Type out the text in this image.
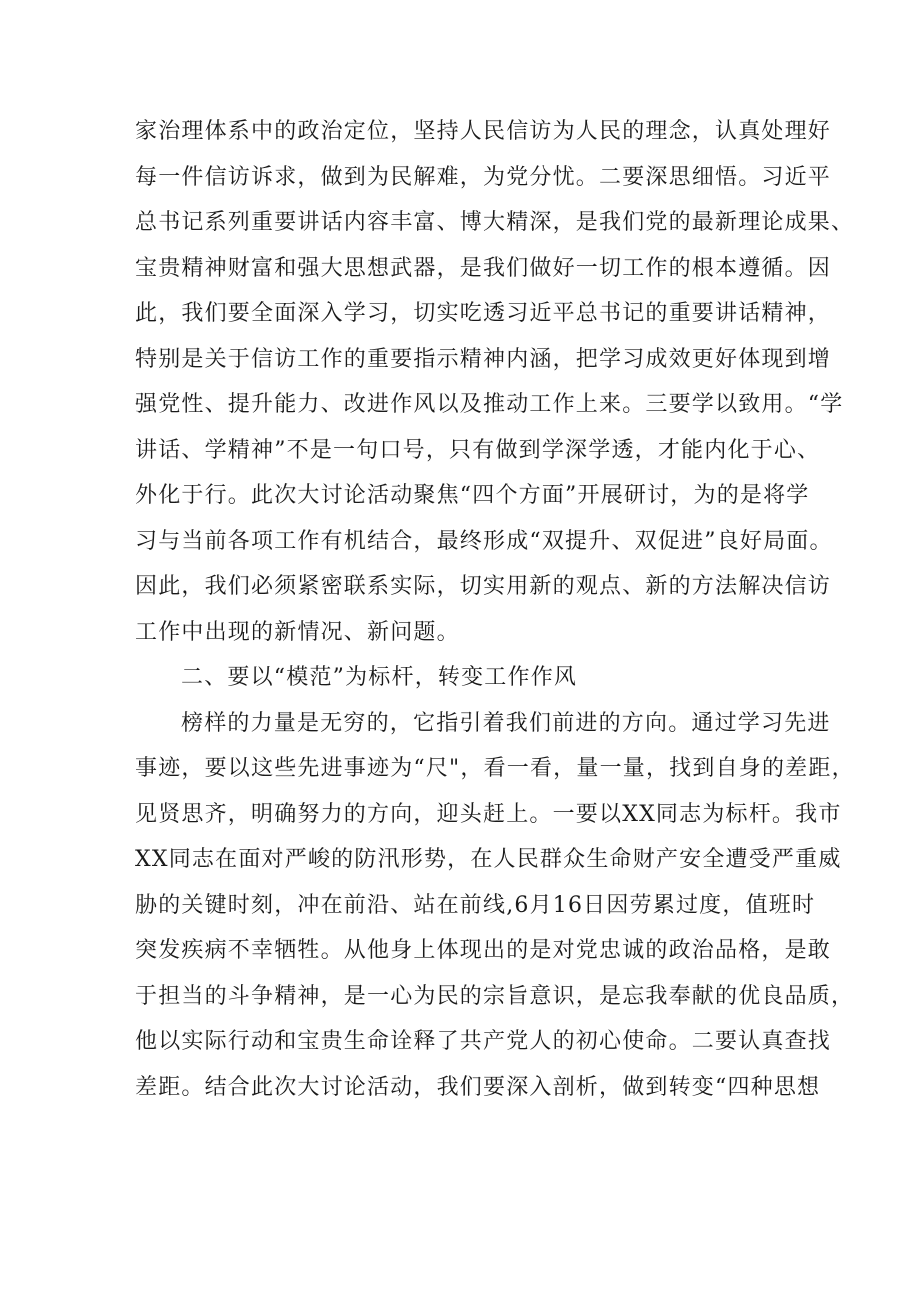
家治理体系中的政治定位，坚持人民信访为人民的理念，认真处理好

每一件信访诉求，做到为民解难，为党分忧。二要深思细悟。习近平

总书记系列重要讲话内容丰富、博大精深，是我们党的最新理论成果、

宝贵精神财富和强大思想武器，是我们做好一切工作的根本遵循。因

此，我们要全面深入学习，切实吃透习近平总书记的重要讲话精神，

特别是关于信访工作的重要指示精神内涵，把学习成效更好体现到增

强党性、提升能力、改进作风以及推动工作上来。三要学以致用。“学

讲话、学精神”不是一句口号，只有做到学深学透，才能内化于心、

外化于行。此次大讨论活动聚焦“四个方面”开展研讨，为的是将学

习与当前各项工作有机结合，最终形成“双提升、双促进”良好局面。

因此，我们必须紧密联系实际，切实用新的观点、新的方法解决信访

工作中出现的新情况、新问题。

二、要以“模范”为标杆，转变工作作风

榜样的力量是无穷的，它指引着我们前进的方向。通过学习先进

事迹，要以这些先进事迹为“尺"，看一看，量一量，找到自身的差距，

见贤思齐，明确努力的方向，迎头赶上。一要以XX同志为标杆。我市

XX同志在面对严峻的防汛形势，在人民群众生命财产安全遭受严重威

胁的关键时刻，冲在前沿、站在前线,6月16日因劳累过度，值班时

突发疾病不幸牺牲。从他身上体现出的是对党忠诚的政治品格，是敢

于担当的斗争精神，是一心为民的宗旨意识，是忘我奉献的优良品质，

他以实际行动和宝贵生命诠释了共产党人的初心使命。二要认真查找

差距。结合此次大讨论活动，我们要深入剖析，做到转变“四种思想
